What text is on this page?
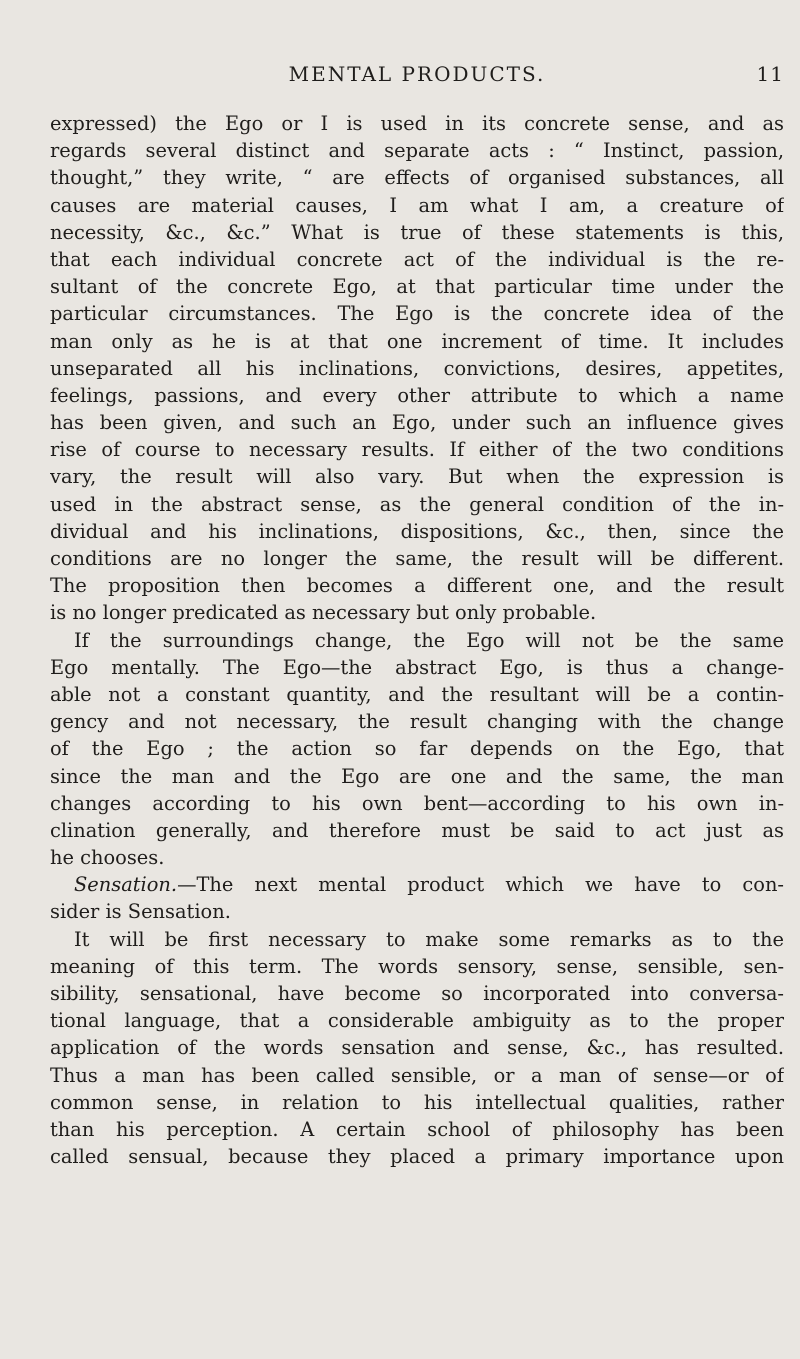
MENTAL PRODUCTS.	11
expressed) the Ego or I is used in its concrete sense, and as
regards several distinct and separate acts : “ Instinct, passion,
thought,” they write, “ are effects of organised substances, all
causes are material causes, I am what I am, a creature of
necessity, &c., &c.” What is true of these statements is this,
that each individual concrete act of the individual is the re-
sultant of the concrete Ego, at that particular time under the
particular circumstances. The Ego is the concrete idea of the
man only as he is at that one increment of time. It includes
unseparated all his inclinations, convictions, desires, appetites,
feelings, passions, and every other attribute to which a name
has been given, and such an Ego, under such an influence gives
rise of course to necessary results. If either of the two conditions
vary, the result will also vary. But when the expression is
used in the abstract sense, as the general condition of the in-
dividual and his inclinations, dispositions, &c., then, since the
conditions are no longer the same, the result will be different.
The proposition then becomes a different one, and the result
is no longer predicated as necessary but only probable.
If the surroundings change, the Ego will not be the same
Ego mentally. The Ego—the abstract Ego, is thus a change-
able not a constant quantity, and the resultant will be a contin-
gency and not necessary, the result changing with the change
of the Ego ; the action so far depends on the Ego, that
since the man and the Ego are one and the same, the man
changes according to his own bent—according to his own in-
clination generally, and therefore must be said to act just as
he chooses.
Sensation.—The next mental product which we have to con-
sider is Sensation.
It will be first necessary to make some remarks as to the
meaning of this term. The words sensory, sense, sensible, sen-
sibility, sensational, have become so incorporated into conversa-
tional language, that a considerable ambiguity as to the proper
application of the words sensation and sense, &c., has resulted.
Thus a man has been called sensible, or a man of sense—or of
common sense, in relation to his intellectual qualities, rather
than his perception. A certain school of philosophy has been
called sensual, because they placed a primary importance upon
